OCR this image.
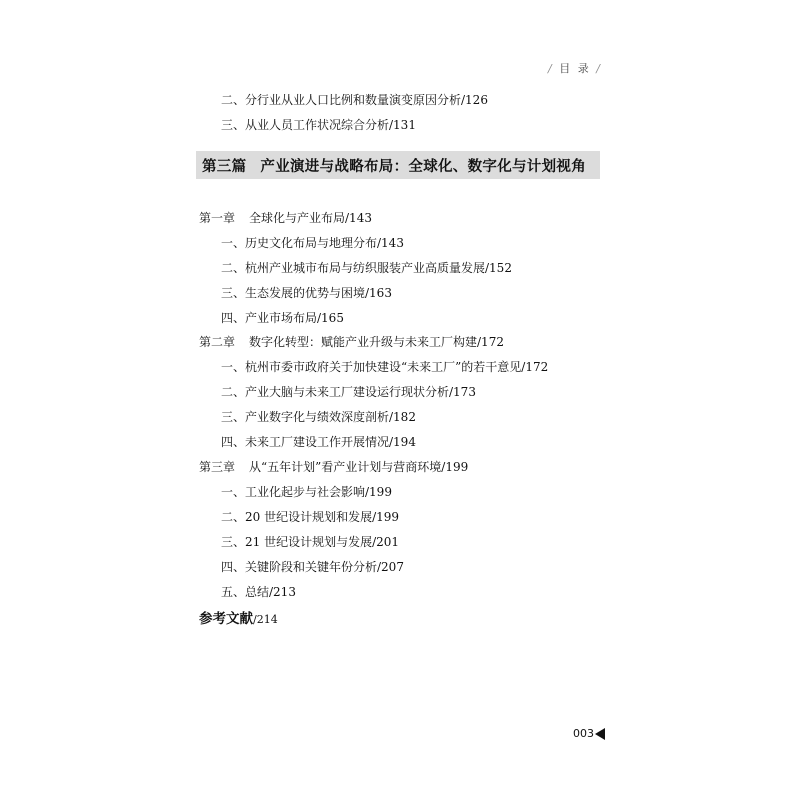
/ 目 录 /
二、分行业从业人口比例和数量演变原因分析/126
三、从业人员工作状况综合分析/131
第三篇 产业演进与战略布局：全球化、数字化与计划视角
第一章 全球化与产业布局/143
一、历史文化布局与地理分布/143
二、杭州产业城市布局与纺织服装产业高质量发展/152
三、生态发展的优势与困境/163
四、产业市场布局/165
第二章 数字化转型：赋能产业升级与未来工厂构建/172
一、杭州市委市政府关于加快建设“未来工厂”的若干意见/172
二、产业大脑与未来工厂建设运行现状分析/173
三、产业数字化与绩效深度剖析/182
四、未来工厂建设工作开展情况/194
第三章 从“五年计划”看产业计划与营商环境/199
一、工业化起步与社会影响/199
二、20 世纪设计规划和发展/199
三、21 世纪设计规划与发展/201
四、关键阶段和关键年份分析/207
五、总结/213
参考文献/214
003
